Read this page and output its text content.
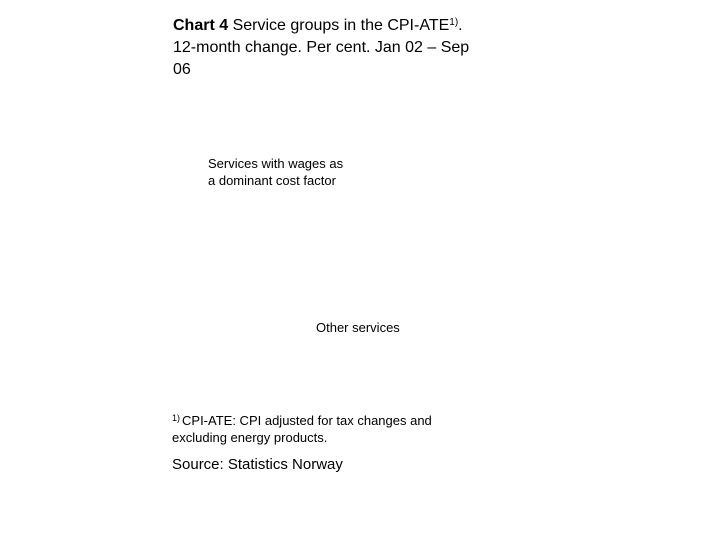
Chart 4 Service groups in the CPI-ATE$^{1)}$.
12-month change. Per cent. Jan 02 – Sep 06
Services with wages as a dominant cost factor
Other services
$^{1)}$ CPI-ATE: CPI adjusted for tax changes and excluding energy products.
Source: Statistics Norway
